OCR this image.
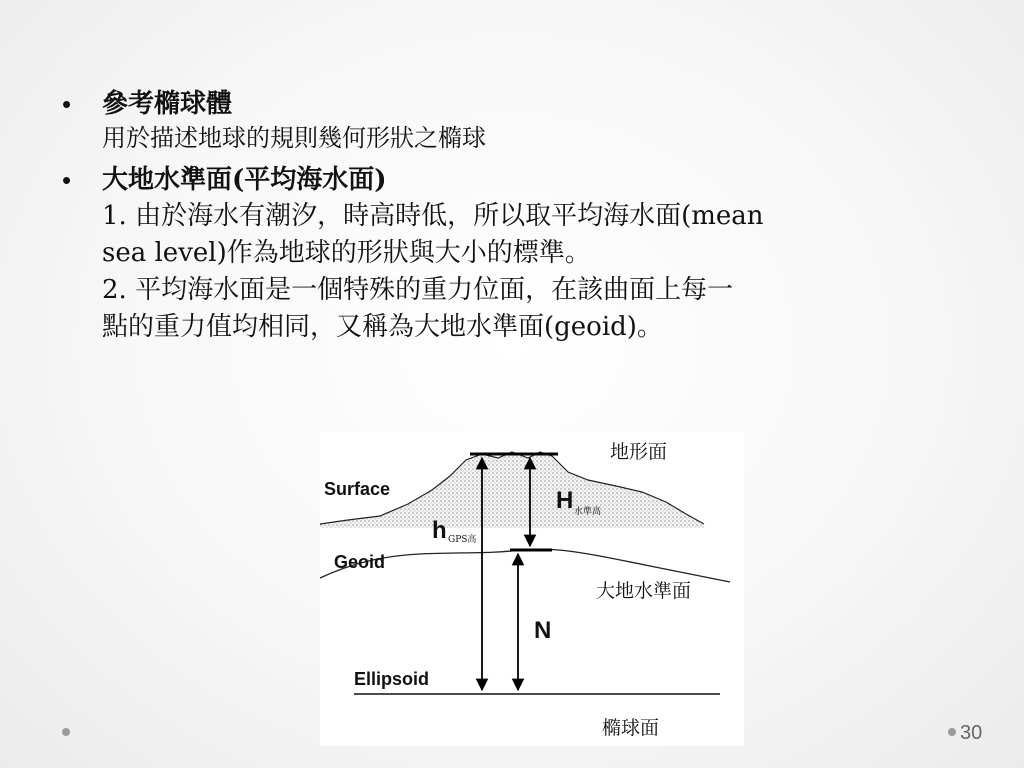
• 參考橢球體
用於描述地球的規則幾何形狀之橢球
• 大地水準面(平均海水面)
1. 由於海水有潮汐，時高時低，所以取平均海水面(mean
sea level)作為地球的形狀與大小的標準。
2. 平均海水面是一個特殊的重力位面，在該曲面上每一
點的重力值均相同，又稱為大地水準面(geoid)。
地形面
Surface
Geoid
Ellipsoid
大地水準面
橢球面
H 水準高
h GPS高
N
30
